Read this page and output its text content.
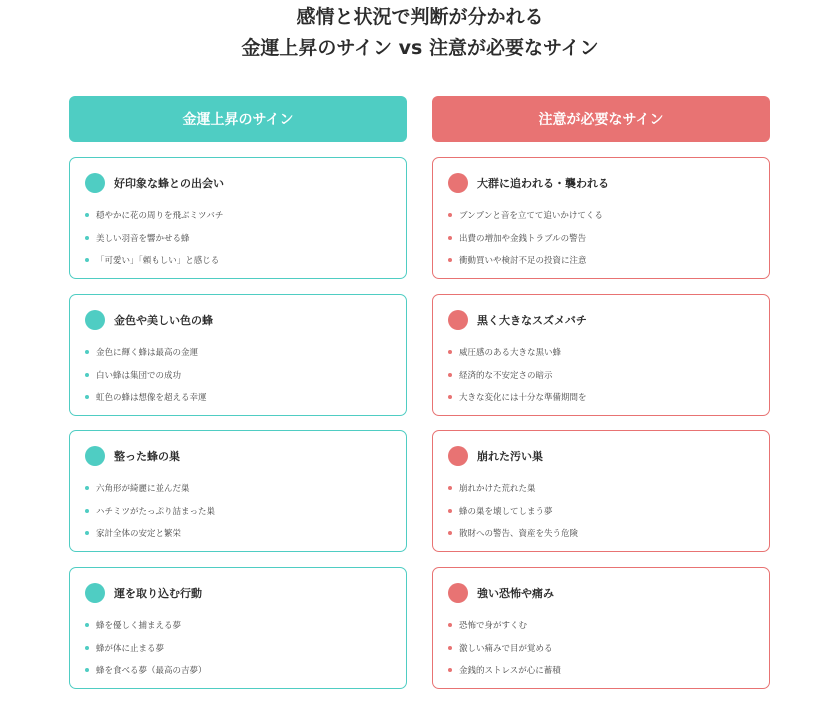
感情と状況で判断が分かれる
金運上昇のサイン vs 注意が必要なサイン
金運上昇のサイン
好印象な蜂との出会い
穏やかに花の周りを飛ぶミツバチ
美しい羽音を響かせる蜂
「可愛い」「頼もしい」と感じる
金色や美しい色の蜂
金色に輝く蜂は最高の金運
白い蜂は集団での成功
虹色の蜂は想像を超える幸運
整った蜂の巣
六角形が綺麗に並んだ巣
ハチミツがたっぷり詰まった巣
家計全体の安定と繁栄
運を取り込む行動
蜂を優しく捕まえる夢
蜂が体に止まる夢
蜂を食べる夢（最高の吉夢）
注意が必要なサイン
大群に追われる・襲われる
ブンブンと音を立てて追いかけてくる
出費の増加や金銭トラブルの警告
衝動買いや検討不足の投資に注意
黒く大きなスズメバチ
威圧感のある大きな黒い蜂
経済的な不安定さの暗示
大きな変化には十分な準備期間を
崩れた汚い巣
崩れかけた荒れた巣
蜂の巣を壊してしまう夢
散財への警告、資産を失う危険
強い恐怖や痛み
恐怖で身がすくむ
激しい痛みで目が覚める
金銭的ストレスが心に蓄積
